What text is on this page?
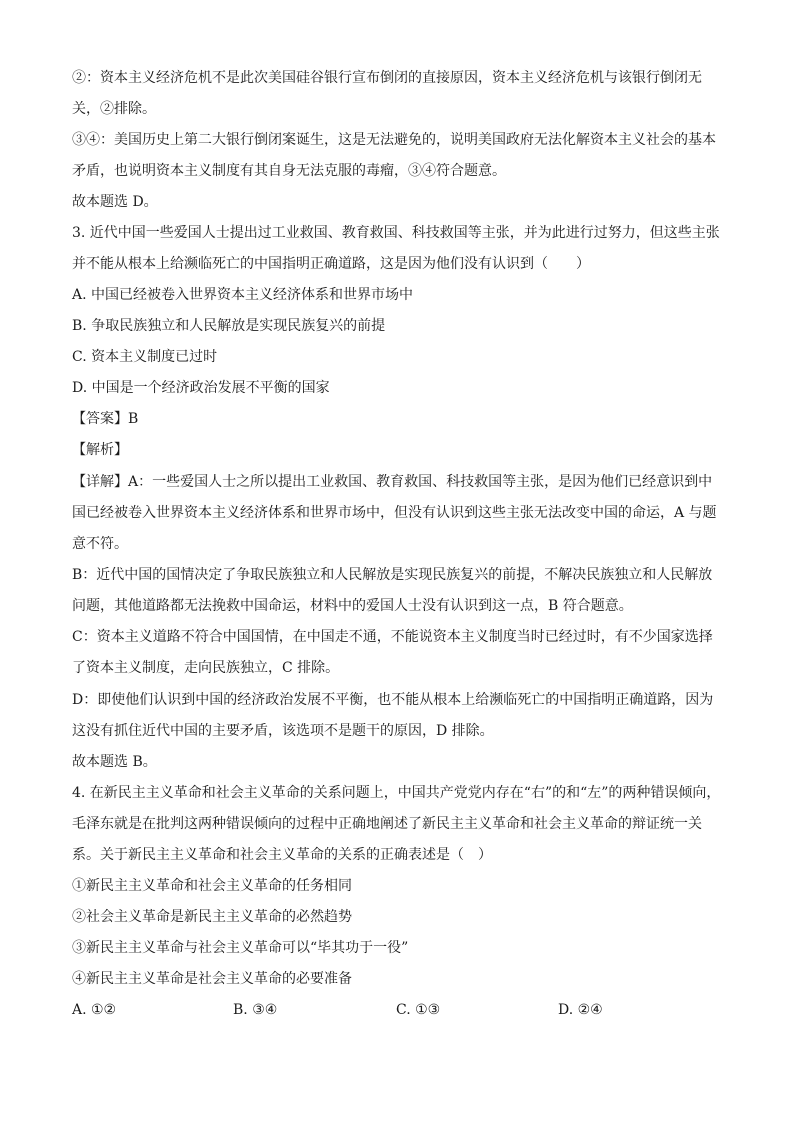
②：资本主义经济危机不是此次美国硅谷银行宣布倒闭的直接原因，资本主义经济危机与该银行倒闭无
关，②排除。
③④：美国历史上第二大银行倒闭案诞生，这是无法避免的，说明美国政府无法化解资本主义社会的基本
矛盾，也说明资本主义制度有其自身无法克服的毒瘤，③④符合题意。
故本题选 D。
3. 近代中国一些爱国人士提出过工业救国、教育救国、科技救国等主张，并为此进行过努力，但这些主张
并不能从根本上给濒临死亡的中国指明正确道路，这是因为他们没有认识到（　　）
A. 中国已经被卷入世界资本主义经济体系和世界市场中
B. 争取民族独立和人民解放是实现民族复兴的前提
C. 资本主义制度已过时
D. 中国是一个经济政治发展不平衡的国家
【答案】B
【解析】
【详解】A：一些爱国人士之所以提出工业救国、教育救国、科技救国等主张，是因为他们已经意识到中
国已经被卷入世界资本主义经济体系和世界市场中，但没有认识到这些主张无法改变中国的命运，A 与题
意不符。
B：近代中国的国情决定了争取民族独立和人民解放是实现民族复兴的前提，不解决民族独立和人民解放
问题，其他道路都无法挽救中国命运，材料中的爱国人士没有认识到这一点，B 符合题意。
C：资本主义道路不符合中国国情，在中国走不通，不能说资本主义制度当时已经过时，有不少国家选择
了资本主义制度，走向民族独立，C 排除。
D：即使他们认识到中国的经济政治发展不平衡，也不能从根本上给濒临死亡的中国指明正确道路，因为
这没有抓住近代中国的主要矛盾，该选项不是题干的原因，D 排除。
故本题选 B。
4. 在新民主主义革命和社会主义革命的关系问题上，中国共产党党内存在“右”的和“左”的两种错误倾向，
毛泽东就是在批判这两种错误倾向的过程中正确地阐述了新民主主义革命和社会主义革命的辩证统一关
系。关于新民主主义革命和社会主义革命的关系的正确表述是（　）
①新民主主义革命和社会主义革命的任务相同
②社会主义革命是新民主主义革命的必然趋势
③新民主主义革命与社会主义革命可以“毕其功于一役”
④新民主主义革命是社会主义革命的必要准备
A. ①②	B. ③④	C. ①③	D. ②④
